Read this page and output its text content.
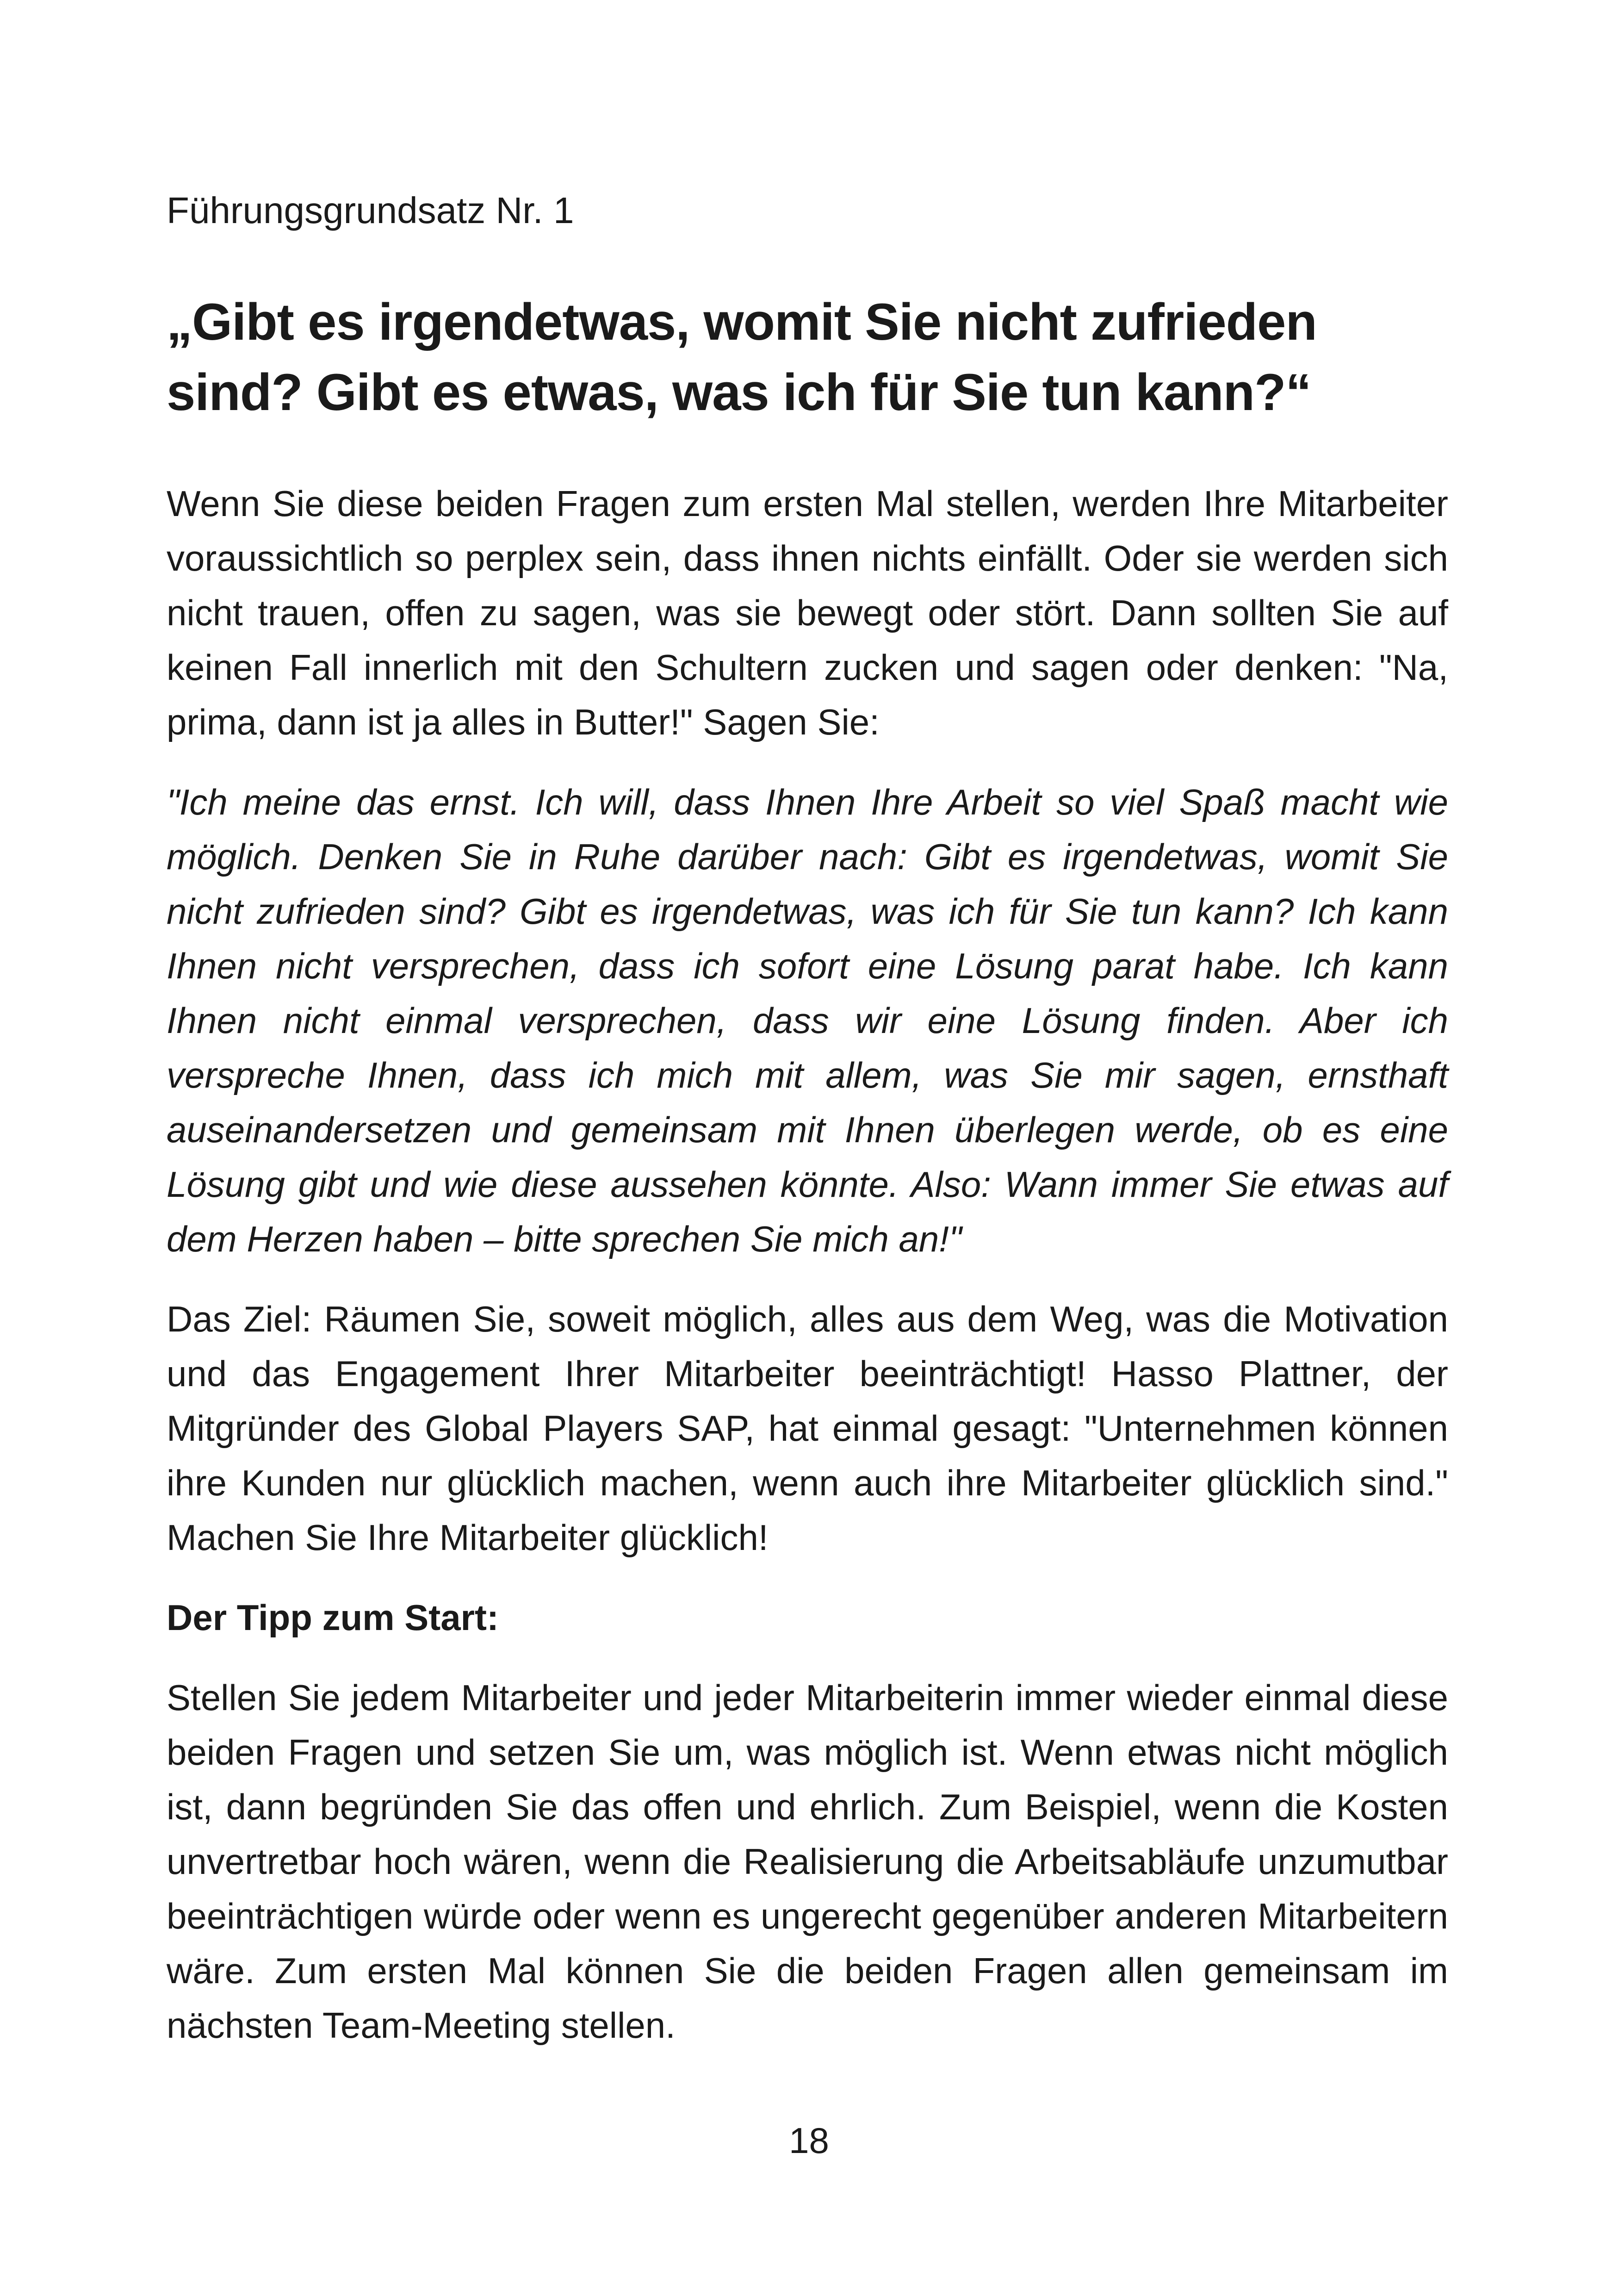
Führungsgrundsatz Nr. 1
„Gibt es irgendetwas, womit Sie nicht zufrieden sind? Gibt es etwas, was ich für Sie tun kann?“

Wenn Sie diese beiden Fragen zum ersten Mal stellen, werden Ihre Mitarbeiter voraussichtlich so perplex sein, dass ihnen nichts einfällt. Oder sie werden sich nicht trauen, offen zu sagen, was sie bewegt oder stört. Dann sollten Sie auf keinen Fall innerlich mit den Schultern zucken und sagen oder denken: "Na, prima, dann ist ja alles in Butter!" Sagen Sie:

"Ich meine das ernst. Ich will, dass Ihnen Ihre Arbeit so viel Spaß macht wie möglich. Denken Sie in Ruhe darüber nach: Gibt es irgendetwas, womit Sie nicht zufrieden sind? Gibt es irgendetwas, was ich für Sie tun kann? Ich kann Ihnen nicht versprechen, dass ich sofort eine Lösung parat habe. Ich kann Ihnen nicht einmal versprechen, dass wir eine Lösung finden. Aber ich verspreche Ihnen, dass ich mich mit allem, was Sie mir sagen, ernsthaft auseinandersetzen und gemeinsam mit Ihnen überlegen werde, ob es eine Lösung gibt und wie diese aussehen könnte. Also: Wann immer Sie etwas auf dem Herzen haben – bitte sprechen Sie mich an!"

Das Ziel: Räumen Sie, soweit möglich, alles aus dem Weg, was die Motivation und das Engagement Ihrer Mitarbeiter beeinträchtigt! Hasso Plattner, der Mitgründer des Global Players SAP, hat einmal gesagt: "Unternehmen können ihre Kunden nur glücklich machen, wenn auch ihre Mitarbeiter glücklich sind." Machen Sie Ihre Mitarbeiter glücklich!

Der Tipp zum Start:

Stellen Sie jedem Mitarbeiter und jeder Mitarbeiterin immer wieder einmal diese beiden Fragen und setzen Sie um, was möglich ist. Wenn etwas nicht möglich ist, dann begründen Sie das offen und ehrlich. Zum Beispiel, wenn die Kosten unvertretbar hoch wären, wenn die Realisierung die Arbeitsabläufe unzumutbar beeinträchtigen würde oder wenn es ungerecht gegenüber anderen Mitarbeitern wäre. Zum ersten Mal können Sie die beiden Fragen allen gemeinsam im nächsten Team-Meeting stellen.

18
